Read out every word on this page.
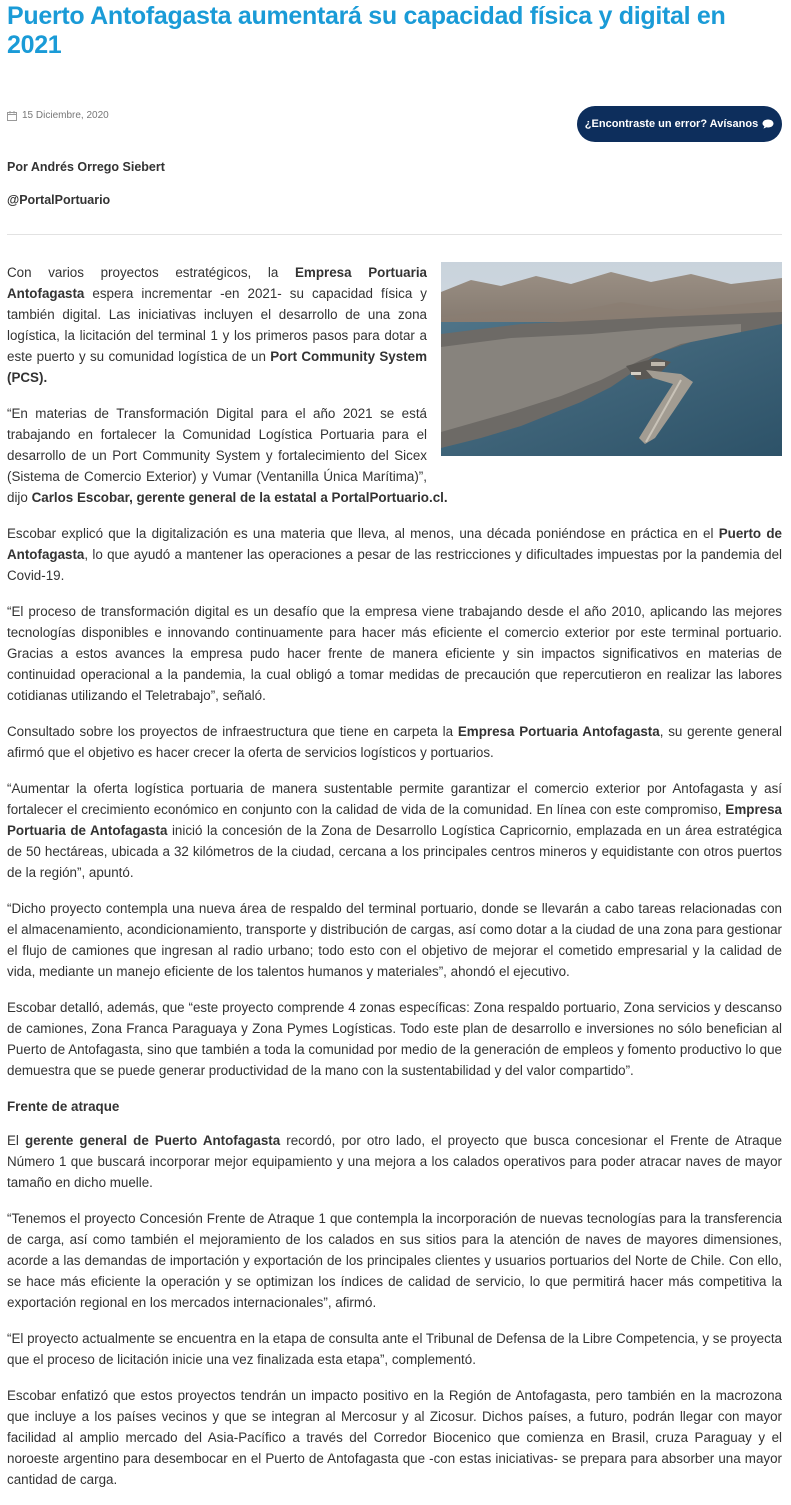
Puerto Antofagasta aumentará su capacidad física y digital en 2021
15 Diciembre, 2020
¿Encontraste un error? Avísanos
Por Andrés Orrego Siebert
@PortalPortuario

Con varios proyectos estratégicos, la Empresa Portuaria Antofagasta espera incrementar -en 2021- su capacidad física y también digital. Las iniciativas incluyen el desarrollo de una zona logística, la licitación del terminal 1 y los primeros pasos para dotar a este puerto y su comunidad logística de un Port Community System (PCS).

“En materias de Transformación Digital para el año 2021 se está trabajando en fortalecer la Comunidad Logística Portuaria para el desarrollo de un Port Community System y fortalecimiento del Sicex (Sistema de Comercio Exterior) y Vumar (Ventanilla Única Marítima)”, dijo Carlos Escobar, gerente general de la estatal a PortalPortuario.cl.

Escobar explicó que la digitalización es una materia que lleva, al menos, una década poniéndose en práctica en el Puerto de Antofagasta, lo que ayudó a mantener las operaciones a pesar de las restricciones y dificultades impuestas por la pandemia del Covid-19.

“El proceso de transformación digital es un desafío que la empresa viene trabajando desde el año 2010, aplicando las mejores tecnologías disponibles e innovando continuamente para hacer más eficiente el comercio exterior por este terminal portuario. Gracias a estos avances la empresa pudo hacer frente de manera eficiente y sin impactos significativos en materias de continuidad operacional a la pandemia, la cual obligó a tomar medidas de precaución que repercutieron en realizar las labores cotidianas utilizando el Teletrabajo”, señaló.

Consultado sobre los proyectos de infraestructura que tiene en carpeta la Empresa Portuaria Antofagasta, su gerente general afirmó que el objetivo es hacer crecer la oferta de servicios logísticos y portuarios.

“Aumentar la oferta logística portuaria de manera sustentable permite garantizar el comercio exterior por Antofagasta y así fortalecer el crecimiento económico en conjunto con la calidad de vida de la comunidad. En línea con este compromiso, Empresa Portuaria de Antofagasta inició la concesión de la Zona de Desarrollo Logística Capricornio, emplazada en un área estratégica de 50 hectáreas, ubicada a 32 kilómetros de la ciudad, cercana a los principales centros mineros y equidistante con otros puertos de la región”, apuntó.

“Dicho proyecto contempla una nueva área de respaldo del terminal portuario, donde se llevarán a cabo tareas relacionadas con el almacenamiento, acondicionamiento, transporte y distribución de cargas, así como dotar a la ciudad de una zona para gestionar el flujo de camiones que ingresan al radio urbano; todo esto con el objetivo de mejorar el cometido empresarial y la calidad de vida, mediante un manejo eficiente de los talentos humanos y materiales”, ahondó el ejecutivo.

Escobar detalló, además, que “este proyecto comprende 4 zonas específicas: Zona respaldo portuario, Zona servicios y descanso de camiones, Zona Franca Paraguaya y Zona Pymes Logísticas. Todo este plan de desarrollo e inversiones no sólo benefician al Puerto de Antofagasta, sino que también a toda la comunidad por medio de la generación de empleos y fomento productivo lo que demuestra que se puede generar productividad de la mano con la sustentabilidad y del valor compartido”.

Frente de atraque

El gerente general de Puerto Antofagasta recordó, por otro lado, el proyecto que busca concesionar el Frente de Atraque Número 1 que buscará incorporar mejor equipamiento y una mejora a los calados operativos para poder atracar naves de mayor tamaño en dicho muelle.

“Tenemos el proyecto Concesión Frente de Atraque 1 que contempla la incorporación de nuevas tecnologías para la transferencia de carga, así como también el mejoramiento de los calados en sus sitios para la atención de naves de mayores dimensiones, acorde a las demandas de importación y exportación de los principales clientes y usuarios portuarios del Norte de Chile. Con ello, se hace más eficiente la operación y se optimizan los índices de calidad de servicio, lo que permitirá hacer más competitiva la exportación regional en los mercados internacionales”, afirmó.

“El proyecto actualmente se encuentra en la etapa de consulta ante el Tribunal de Defensa de la Libre Competencia, y se proyecta que el proceso de licitación inicie una vez finalizada esta etapa”, complementó.

Escobar enfatizó que estos proyectos tendrán un impacto positivo en la Región de Antofagasta, pero también en la macrozona que incluye a los países vecinos y que se integran al Mercosur y al Zicosur. Dichos países, a futuro, podrán llegar con mayor facilidad al amplio mercado del Asia-Pacífico a través del Corredor Biocenico que comienza en Brasil, cruza Paraguay y el noroeste argentino para desembocar en el Puerto de Antofagasta que -con estas iniciativas- se prepara para absorber una mayor cantidad de carga.
